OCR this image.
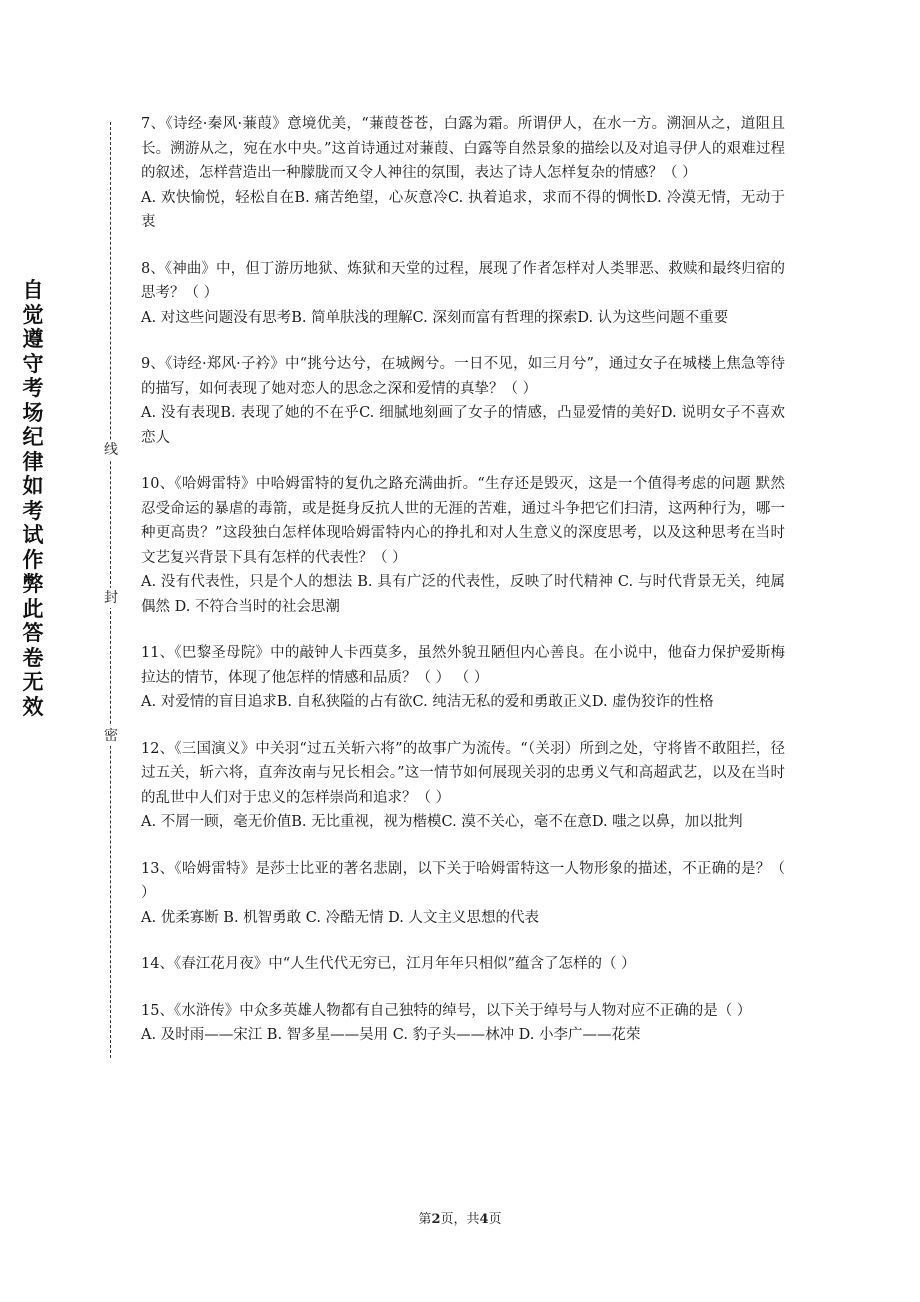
自觉遵守考场纪律如考试作弊此答卷无效
线
封
密

7、《诗经·秦风·蒹葭》意境优美，“蒹葭苍苍，白露为霜。所谓伊人，在水一方。溯洄从之，道阻且长。溯游从之，宛在水中央。”这首诗通过对蒹葭、白露等自然景象的描绘以及对追寻伊人的艰难过程的叙述，怎样营造出一种朦胧而又令人神往的氛围，表达了诗人怎样复杂的情感？（ ）

A. 欢快愉悦，轻松自在B. 痛苦绝望，心灰意冷C. 执着追求，求而不得的惆怅D. 冷漠无情，无动于衷

8、《神曲》中，但丁游历地狱、炼狱和天堂的过程，展现了作者怎样对人类罪恶、救赎和最终归宿的思考？（ ）

A. 对这些问题没有思考B. 简单肤浅的理解C. 深刻而富有哲理的探索D. 认为这些问题不重要

9、《诗经·郑风·子衿》中“挑兮达兮，在城阙兮。一日不见，如三月兮”，通过女子在城楼上焦急等待的描写，如何表现了她对恋人的思念之深和爱情的真挚？（ ）

A. 没有表现B. 表现了她的不在乎C. 细腻地刻画了女子的情感，凸显爱情的美好D. 说明女子不喜欢恋人

10、《哈姆雷特》中哈姆雷特的复仇之路充满曲折。“生存还是毁灭，这是一个值得考虑的问题 默然忍受命运的暴虐的毒箭，或是挺身反抗人世的无涯的苦难，通过斗争把它们扫清，这两种行为，哪一种更高贵？”这段独白怎样体现哈姆雷特内心的挣扎和对人生意义的深度思考，以及这种思考在当时文艺复兴背景下具有怎样的代表性？（ ）

A. 没有代表性，只是个人的想法 B. 具有广泛的代表性，反映了时代精神 C. 与时代背景无关，纯属偶然 D. 不符合当时的社会思潮

11、《巴黎圣母院》中的敲钟人卡西莫多，虽然外貌丑陋但内心善良。在小说中，他奋力保护爱斯梅拉达的情节，体现了他怎样的情感和品质？（ ） （ ）

A. 对爱情的盲目追求B. 自私狭隘的占有欲C. 纯洁无私的爱和勇敢正义D. 虚伪狡诈的性格

12、《三国演义》中关羽“过五关斩六将”的故事广为流传。“（关羽）所到之处，守将皆不敢阻拦，径过五关，斩六将，直奔汝南与兄长相会。”这一情节如何展现关羽的忠勇义气和高超武艺，以及在当时的乱世中人们对于忠义的怎样崇尚和追求？（ ）

A. 不屑一顾，毫无价值B. 无比重视，视为楷模C. 漠不关心，毫不在意D. 嗤之以鼻，加以批判

13、《哈姆雷特》是莎士比亚的著名悲剧，以下关于哈姆雷特这一人物形象的描述，不正确的是？（ ）

A. 优柔寡断 B. 机智勇敢 C. 冷酷无情 D. 人文主义思想的代表

14、《春江花月夜》中“人生代代无穷已，江月年年只相似”蕴含了怎样的（ ）

15、《水浒传》中众多英雄人物都有自己独特的绰号，以下关于绰号与人物对应不正确的是（ ）

A. 及时雨——宋江 B. 智多星——吴用 C. 豹子头——林冲 D. 小李广——花荣

第2页，共4页
